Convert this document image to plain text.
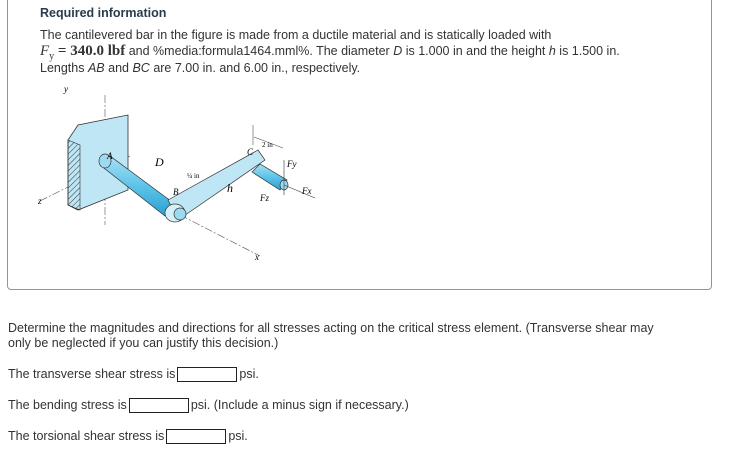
Required information
The cantilevered bar in the figure is made from a ductile material and is statically loaded with
$F_y = 340.0$ lbf and %media:formula1464.mml%. The diameter D is 1.000 in and the height h is 1.500 in.
Lengths AB and BC are 7.00 in. and 6.00 in., respectively.
y
z
x
A
B
C
D
h
¼ in
2 in
Fy
Fx
Fz
Determine the magnitudes and directions for all stresses acting on the critical stress element. (Transverse shear may
only be neglected if you can justify this decision.)
The transverse shear stress is	psi.
The bending stress is	psi. (Include a minus sign if necessary.)
The torsional shear stress is	psi.
